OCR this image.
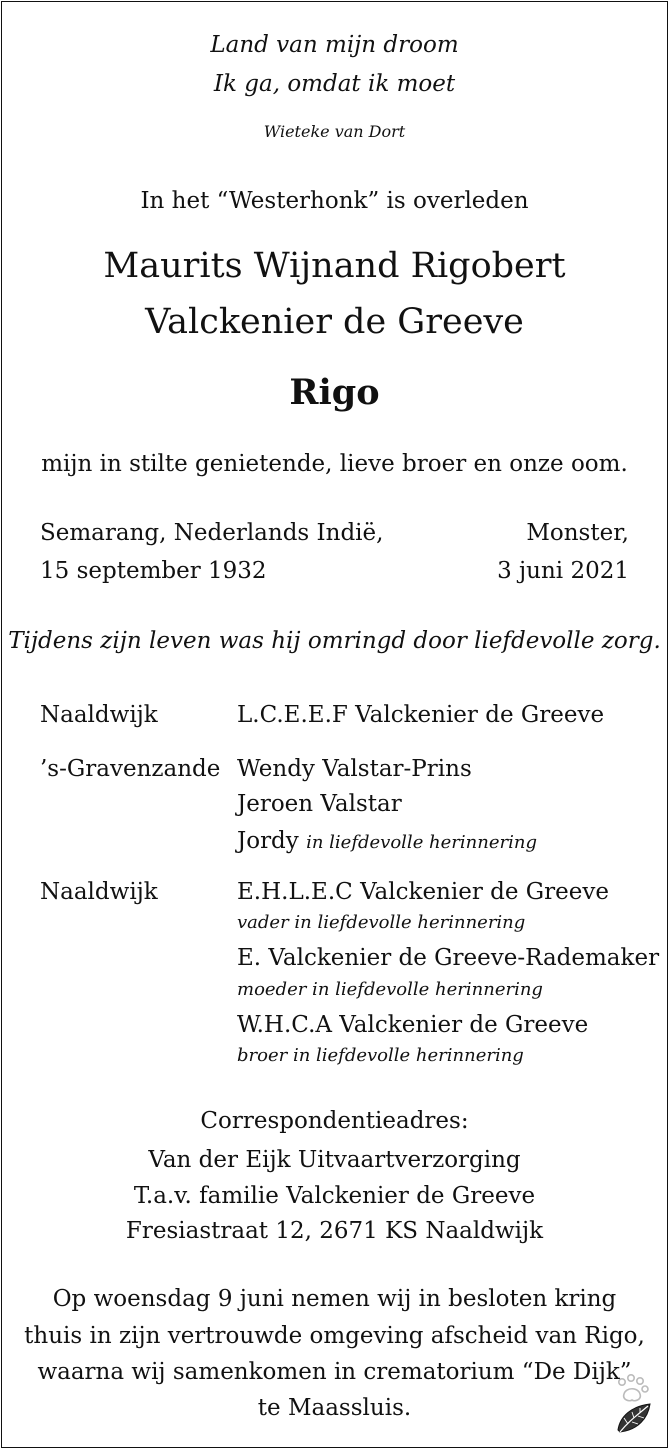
Land van mijn droom
Ik ga, omdat ik moet
Wieteke van Dort
In het “Westerhonk” is overleden
Maurits Wijnand Rigobert
Valckenier de Greeve
Rigo
mijn in stilte genietende, lieve broer en onze oom.
Semarang, Nederlands Indië,
15 september 1932
Monster,
3 juni 2021
Tijdens zijn leven was hij omringd door liefdevolle zorg.
Naaldwijk	L.C.E.E.F Valckenier de Greeve
’s-Gravenzande Wendy Valstar-Prins
Jeroen Valstar
Jordy in liefdevolle herinnering
Naaldwijk	E.H.L.E.C Valckenier de Greeve
vader in liefdevolle herinnering
E. Valckenier de Greeve-Rademaker
moeder in liefdevolle herinnering
W.H.C.A Valckenier de Greeve
broer in liefdevolle herinnering
Correspondentieadres:
Van der Eijk Uitvaartverzorging
T.a.v. familie Valckenier de Greeve
Fresiastraat 12, 2671 KS Naaldwijk
Op woensdag 9 juni nemen wij in besloten kring
thuis in zijn vertrouwde omgeving afscheid van Rigo,
waarna wij samenkomen in crematorium “De Dijk”
te Maassluis.
